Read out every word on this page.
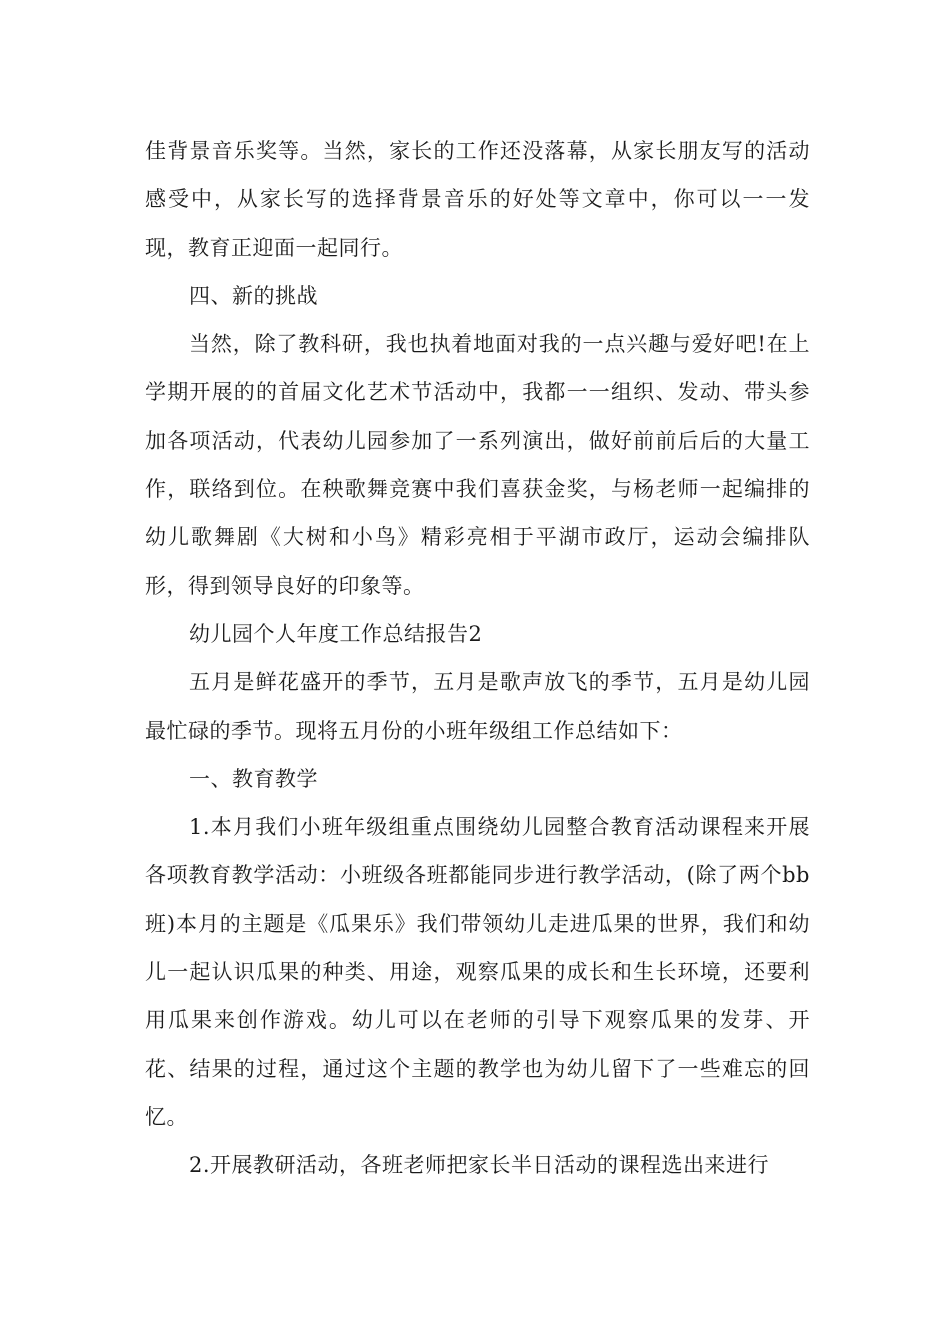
佳背景音乐奖等。当然，家长的工作还没落幕，从家长朋友写的活动感受中，从家长写的选择背景音乐的好处等文章中，你可以一一发现，教育正迎面一起同行。

四、新的挑战

当然，除了教科研，我也执着地面对我的一点兴趣与爱好吧!在上学期开展的的首届文化艺术节活动中，我都一一组织、发动、带头参加各项活动，代表幼儿园参加了一系列演出，做好前前后后的大量工作，联络到位。在秧歌舞竞赛中我们喜获金奖，与杨老师一起编排的幼儿歌舞剧《大树和小鸟》精彩亮相于平湖市政厅，运动会编排队形，得到领导良好的印象等。

幼儿园个人年度工作总结报告2

五月是鲜花盛开的季节，五月是歌声放飞的季节，五月是幼儿园最忙碌的季节。现将五月份的小班年级组工作总结如下：

一、教育教学

1.本月我们小班年级组重点围绕幼儿园整合教育活动课程来开展各项教育教学活动：小班级各班都能同步进行教学活动，(除了两个bb班)本月的主题是《瓜果乐》我们带领幼儿走进瓜果的世界，我们和幼儿一起认识瓜果的种类、用途，观察瓜果的成长和生长环境，还要利用瓜果来创作游戏。幼儿可以在老师的引导下观察瓜果的发芽、开花、结果的过程，通过这个主题的教学也为幼儿留下了一些难忘的回忆。

2.开展教研活动，各班老师把家长半日活动的课程选出来进行
